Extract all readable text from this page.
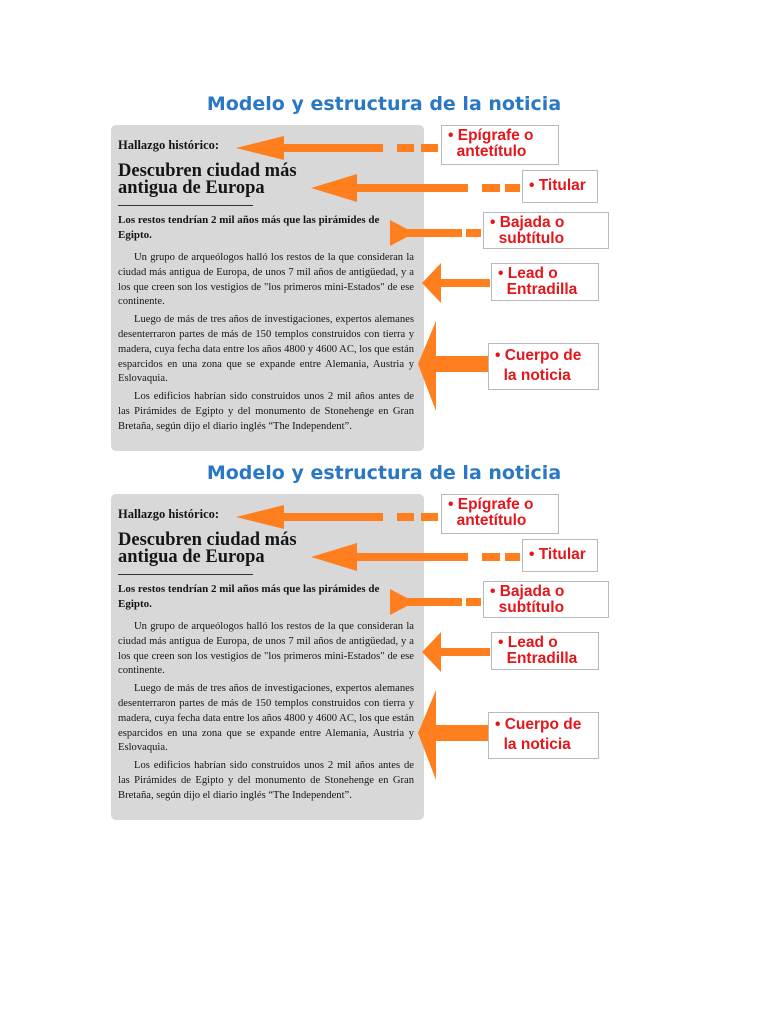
Modelo y estructura de la noticia
Hallazgo histórico:
Descubren ciudad más
antigua de Europa
Los restos tendrían 2 mil años más que las pirámides de Egipto.

Un grupo de arqueólogos halló los restos de la que consideran la ciudad más antigua de Europa, de unos 7 mil años de antigüedad, y a los que creen son los vestigios de "los primeros mini-Estados" de ese continente.

Luego de más de tres años de investigaciones, expertos alemanes desenterraron partes de más de 150 templos construidos con tierra y madera, cuya fecha data entre los años 4800 y 4600 AC, los que están esparcidos en una zona que se expande entre Alemania, Austria y Eslovaquia.

Los edificios habrían sido construidos unos 2 mil años antes de las Pirámides de Egipto y del monumento de Stonehenge en Gran Bretaña, según dijo el diario inglés “The Independent”.

• Epígrafe o
antetítulo
• Titular
• Bajada o
subtítulo
• Lead o
Entradilla
• Cuerpo de
la noticia
Modelo y estructura de la noticia
Hallazgo histórico:
Descubren ciudad más
antigua de Europa
Los restos tendrían 2 mil años más que las pirámides de Egipto.

Un grupo de arqueólogos halló los restos de la que consideran la ciudad más antigua de Europa, de unos 7 mil años de antigüedad, y a los que creen son los vestigios de "los primeros mini-Estados" de ese continente.

Luego de más de tres años de investigaciones, expertos alemanes desenterraron partes de más de 150 templos construidos con tierra y madera, cuya fecha data entre los años 4800 y 4600 AC, los que están esparcidos en una zona que se expande entre Alemania, Austria y Eslovaquia.

Los edificios habrían sido construidos unos 2 mil años antes de las Pirámides de Egipto y del monumento de Stonehenge en Gran Bretaña, según dijo el diario inglés “The Independent”.

• Epígrafe o
antetítulo
• Titular
• Bajada o
subtítulo
• Lead o
Entradilla
• Cuerpo de
la noticia
